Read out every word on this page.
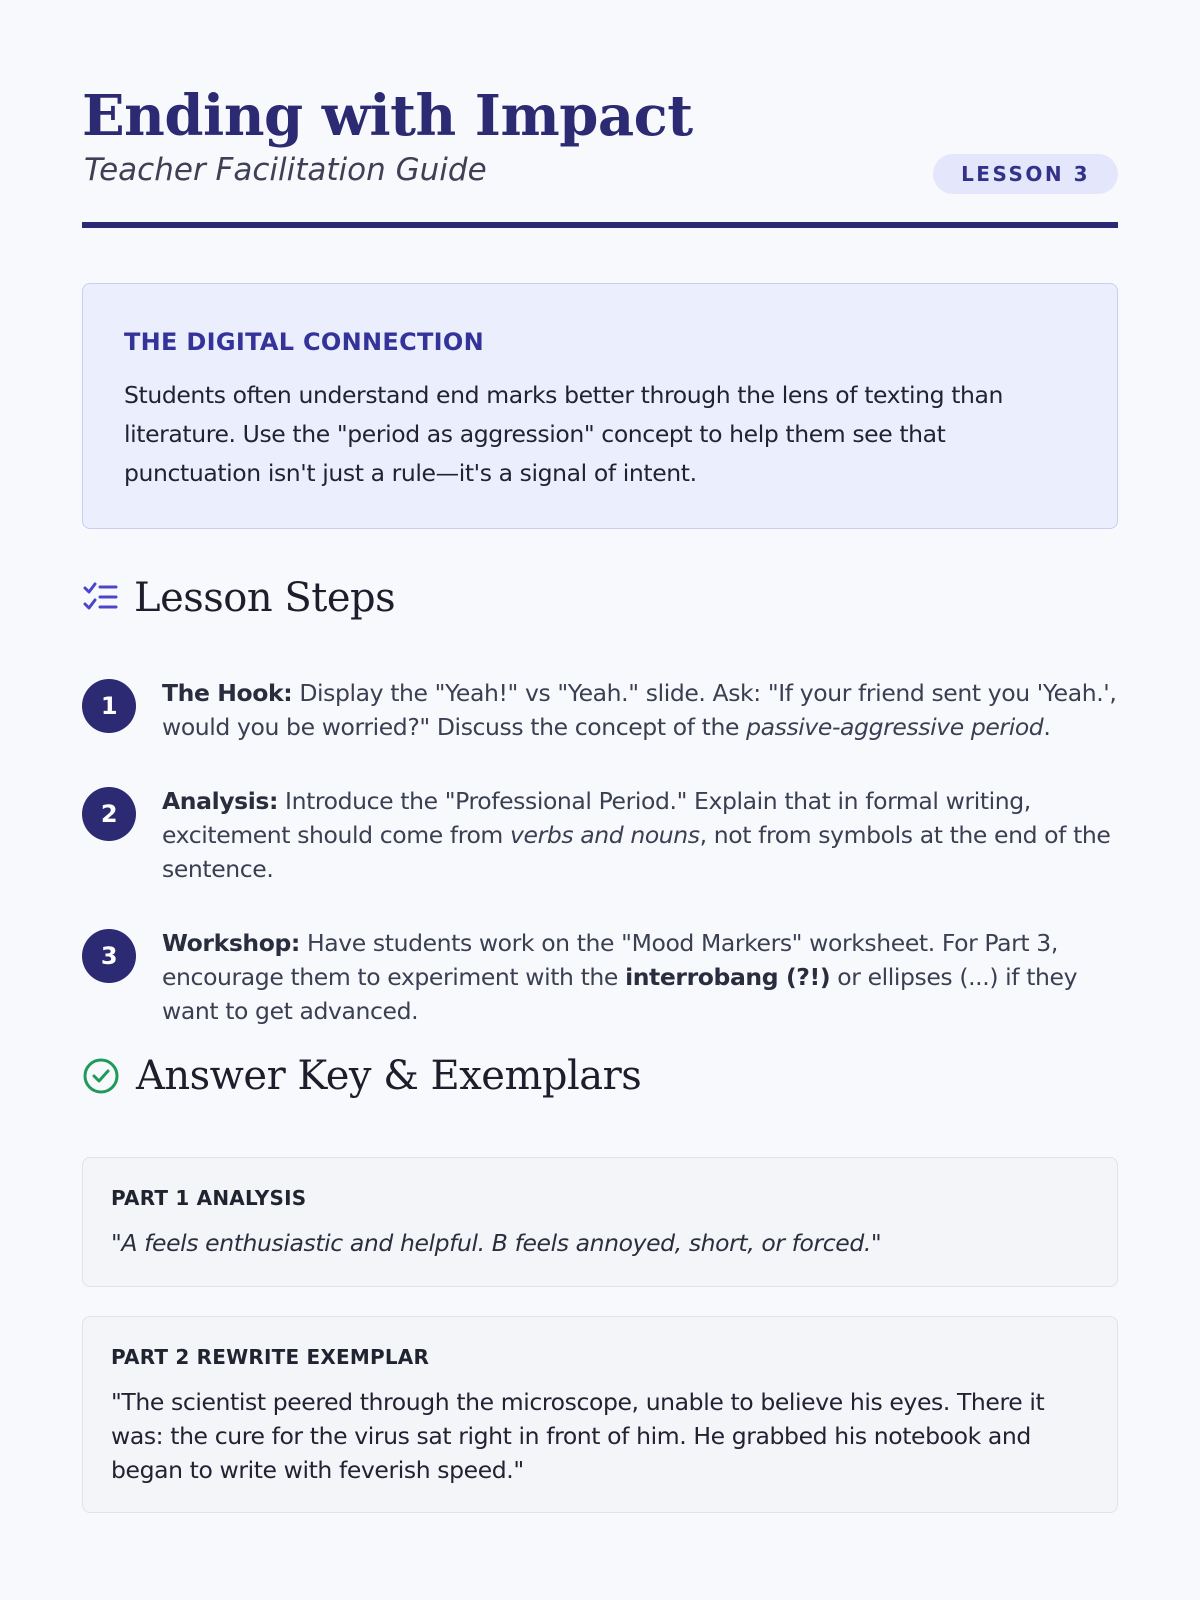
Ending with Impact
Teacher Facilitation Guide	LESSON 3
THE DIGITAL CONNECTION

Students often understand end marks better through the lens of texting than literature. Use the "period as aggression" concept to help them see that punctuation isn't just a rule—it's a signal of intent.

Lesson Steps
1	The Hook: Display the "Yeah!" vs "Yeah." slide. Ask: "If your friend sent you 'Yeah.', would you be worried?" Discuss the concept of the passive-aggressive period.
2	Analysis: Introduce the "Professional Period." Explain that in formal writing, excitement should come from verbs and nouns, not from symbols at the end of the sentence.
3	Workshop: Have students work on the "Mood Markers" worksheet. For Part 3, encourage them to experiment with the interrobang (?!) or ellipses (...) if they want to get advanced.
Answer Key & Exemplars
PART 1 ANALYSIS
"A feels enthusiastic and helpful. B feels annoyed, short, or forced."
PART 2 REWRITE EXEMPLAR
"The scientist peered through the microscope, unable to believe his eyes. There it was: the cure for the virus sat right in front of him. He grabbed his notebook and began to write with feverish speed."
